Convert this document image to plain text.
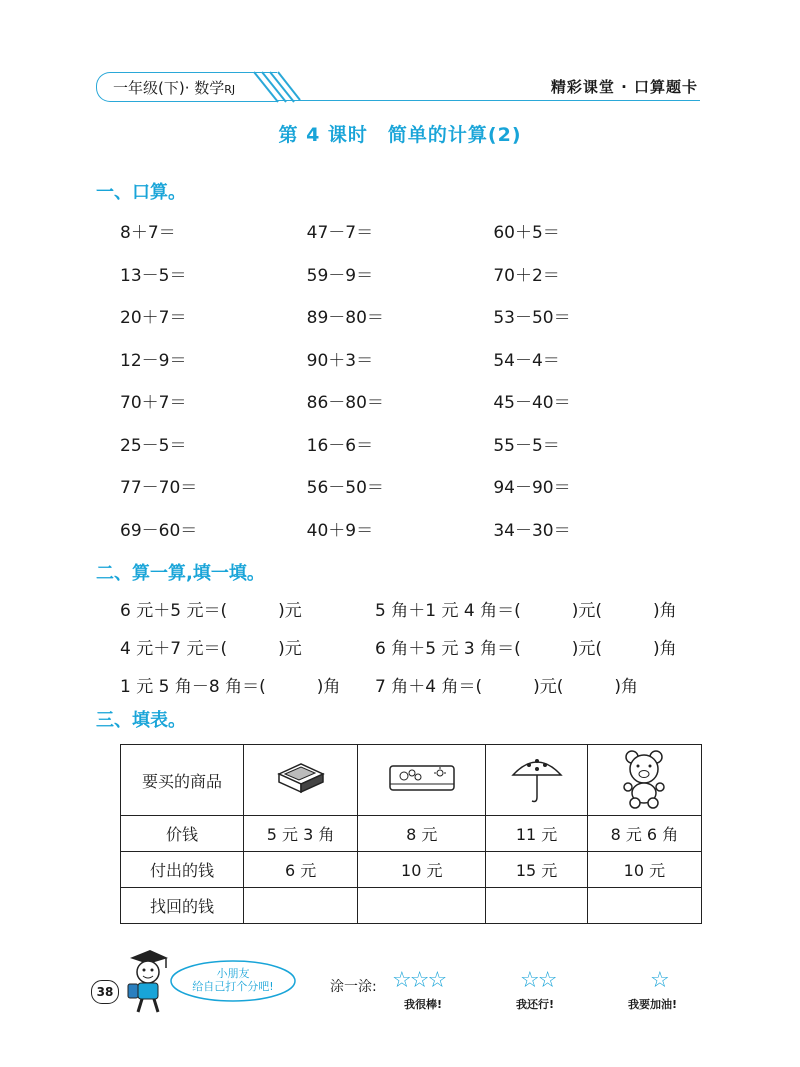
一年级(下)· 数学RJ	精彩课堂 · 口算题卡
第 4 课时　简单的计算(2)
一、口算。
8＋7＝	47－7＝	60＋5＝
13－5＝	59－9＝	70＋2＝
20＋7＝	89－80＝	53－50＝
12－9＝	90＋3＝	54－4＝
70＋7＝	86－80＝	45－40＝
25－5＝	16－6＝	55－5＝
77－70＝	56－50＝	94－90＝
69－60＝	40＋9＝	34－30＝
二、算一算,填一填。
6 元＋5 元＝(　　　)元	5 角＋1 元 4 角＝(　　　)元(　　　)角
4 元＋7 元＝(　　　)元	6 角＋5 元 3 角＝(　　　)元(　　　)角
1 元 5 角－8 角＝(　　　)角	7 角＋4 角＝(　　　)元(　　　)角
三、填表。
要买的商品				
价钱	5 元 3 角	8 元	11 元	8 元 6 角
付出的钱	6 元	10 元	15 元	10 元
找回的钱				
38
小朋友
给自己打个分吧!	涂一涂: ☆☆☆
我很棒!
☆☆
我还行!
☆
我要加油!
